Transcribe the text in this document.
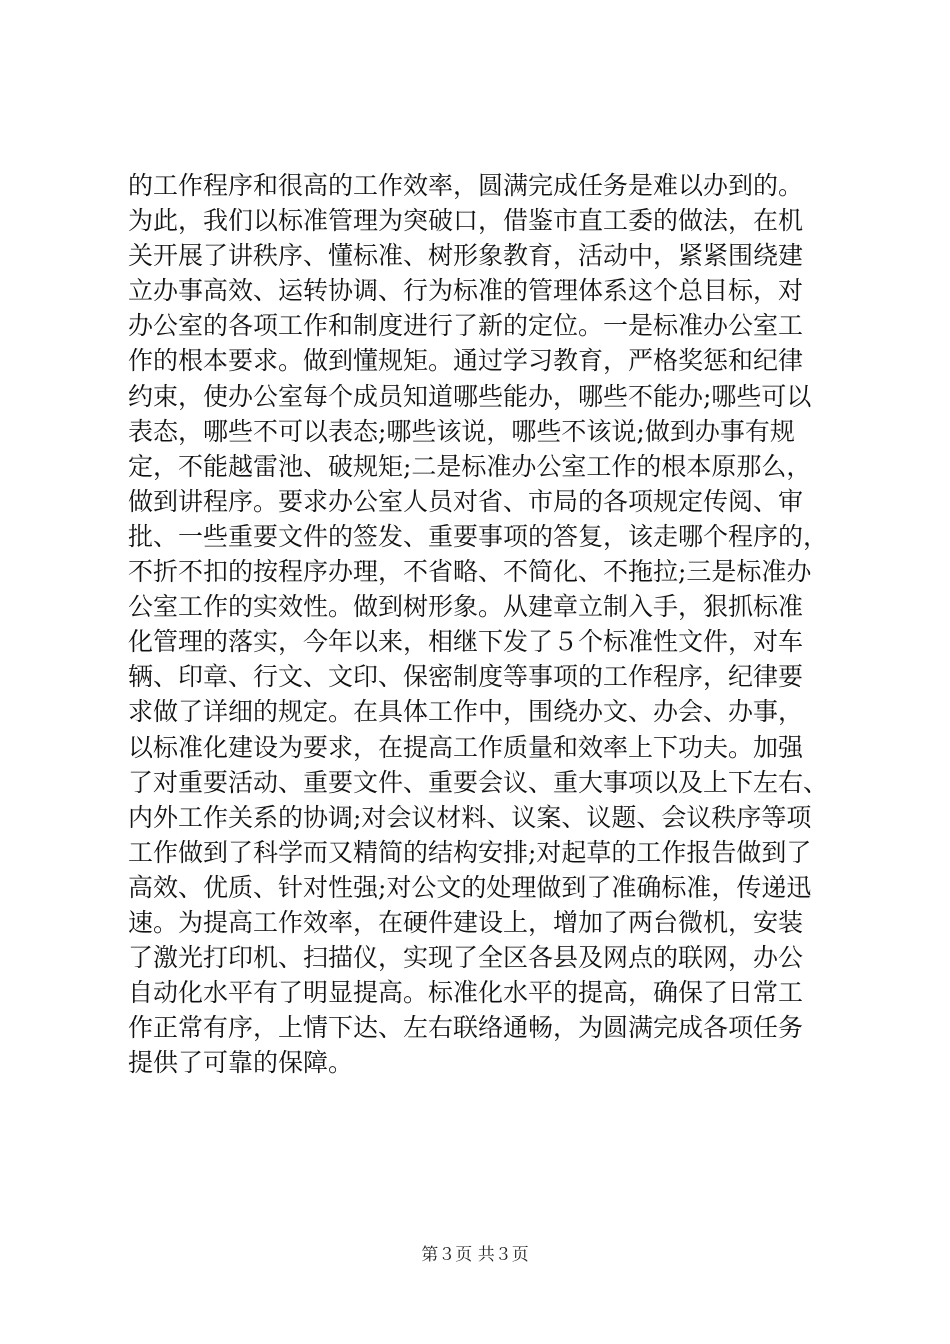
的工作程序和很高的工作效率，圆满完成任务是难以办到的。
为此，我们以标准管理为突破口，借鉴市直工委的做法，在机
关开展了讲秩序、懂标准、树形象教育，活动中，紧紧围绕建
立办事高效、运转协调、行为标准的管理体系这个总目标，对
办公室的各项工作和制度进行了新的定位。一是标准办公室工
作的根本要求。做到懂规矩。通过学习教育，严格奖惩和纪律
约束，使办公室每个成员知道哪些能办，哪些不能办;哪些可以
表态，哪些不可以表态;哪些该说，哪些不该说;做到办事有规
定，不能越雷池、破规矩;二是标准办公室工作的根本原那么，
做到讲程序。要求办公室人员对省、市局的各项规定传阅、审
批、一些重要文件的签发、重要事项的答复，该走哪个程序的，
不折不扣的按程序办理，不省略、不简化、不拖拉;三是标准办
公室工作的实效性。做到树形象。从建章立制入手，狠抓标准
化管理的落实，今年以来，相继下发了５个标准性文件，对车
辆、印章、行文、文印、保密制度等事项的工作程序，纪律要
求做了详细的规定。在具体工作中，围绕办文、办会、办事，
以标准化建设为要求，在提高工作质量和效率上下功夫。加强
了对重要活动、重要文件、重要会议、重大事项以及上下左右、
内外工作关系的协调;对会议材料、议案、议题、会议秩序等项
工作做到了科学而又精简的结构安排;对起草的工作报告做到了
高效、优质、针对性强;对公文的处理做到了准确标准，传递迅
速。为提高工作效率，在硬件建设上，增加了两台微机，安装
了激光打印机、扫描仪，实现了全区各县及网点的联网，办公
自动化水平有了明显提高。标准化水平的提高，确保了日常工
作正常有序，上情下达、左右联络通畅，为圆满完成各项任务
提供了可靠的保障。
第３页 共３页
